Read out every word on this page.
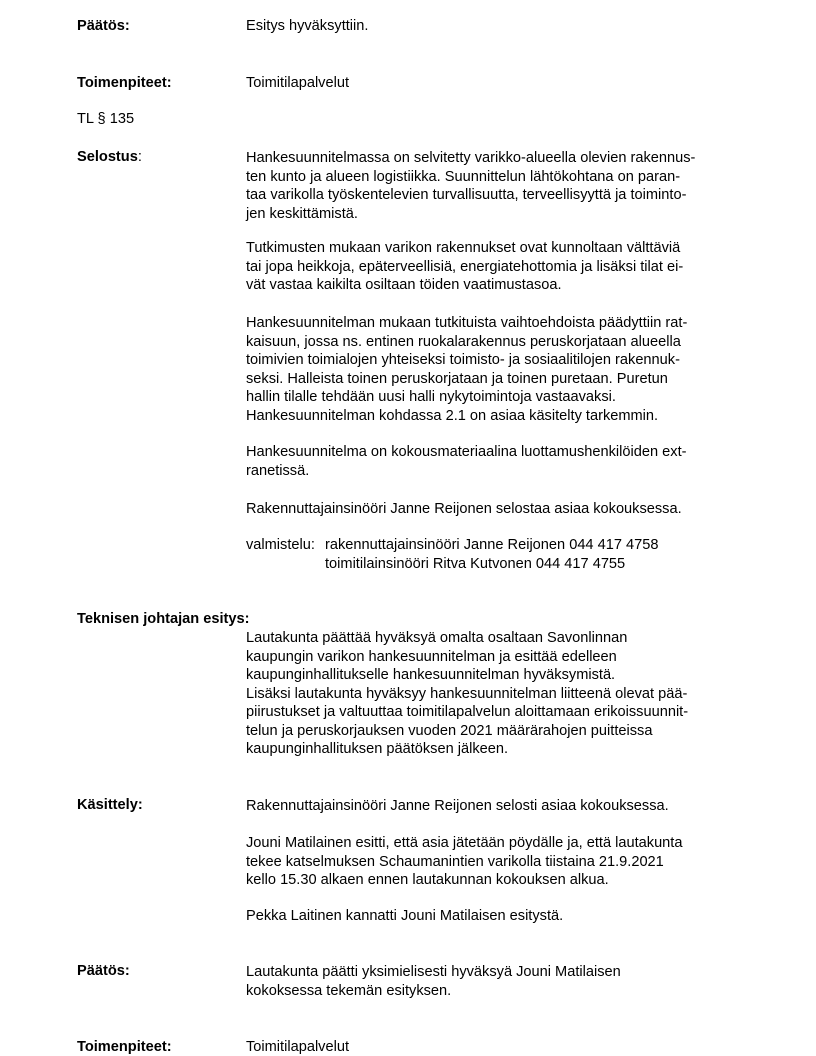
Päätös:	Esitys hyväksyttiin.
Toimenpiteet:	Toimitilapalvelut
TL § 135
Selostus:	Hankesuunnitelmassa on selvitetty varikko-alueella olevien rakennus-
ten kunto ja alueen logistiikka. Suunnittelun lähtökohtana on paran-
taa varikolla työskentelevien turvallisuutta, terveellisyyttä ja toiminto-
jen keskittämistä.
Tutkimusten mukaan varikon rakennukset ovat kunnoltaan välttäviä
tai jopa heikkoja, epäterveellisiä, energiatehottomia ja lisäksi tilat ei-
vät vastaa kaikilta osiltaan töiden vaatimustasoa.
Hankesuunnitelman mukaan tutkituista vaihtoehdoista päädyttiin rat-
kaisuun, jossa ns. entinen ruokalarakennus peruskorjataan alueella
toimivien toimialojen yhteiseksi toimisto- ja sosiaalitilojen rakennuk-
seksi. Halleista toinen peruskorjataan ja toinen puretaan. Puretun
hallin tilalle tehdään uusi halli nykytoimintoja vastaavaksi.
Hankesuunnitelman kohdassa 2.1 on asiaa käsitelty tarkemmin.
Hankesuunnitelma on kokousmateriaalina luottamushenkilöiden ext-
ranetissä.
Rakennuttajainsinööri Janne Reijonen selostaa asiaa kokouksessa.
valmistelu: rakennuttajainsinööri Janne Reijonen 044 417 4758
toimitilainsinööri Ritva Kutvonen 044 417 4755
Teknisen johtajan esitys:
Lautakunta päättää hyväksyä omalta osaltaan Savonlinnan
kaupungin varikon hankesuunnitelman ja esittää edelleen
kaupunginhallitukselle hankesuunnitelman hyväksymistä.
Lisäksi lautakunta hyväksyy hankesuunnitelman liitteenä olevat pää-
piirustukset ja valtuuttaa toimitilapalvelun aloittamaan erikoissuunnit-
telun ja peruskorjauksen vuoden 2021 määrärahojen puitteissa
kaupunginhallituksen päätöksen jälkeen.
Käsittely:	Rakennuttajainsinööri Janne Reijonen selosti asiaa kokouksessa.
Jouni Matilainen esitti, että asia jätetään pöydälle ja, että lautakunta
tekee katselmuksen Schaumanintien varikolla tiistaina 21.9.2021
kello 15.30 alkaen ennen lautakunnan kokouksen alkua.
Pekka Laitinen kannatti Jouni Matilaisen esitystä.
Päätös:	Lautakunta päätti yksimielisesti hyväksyä Jouni Matilaisen
kokoksessa tekemän esityksen.
Toimenpiteet:	Toimitilapalvelut
